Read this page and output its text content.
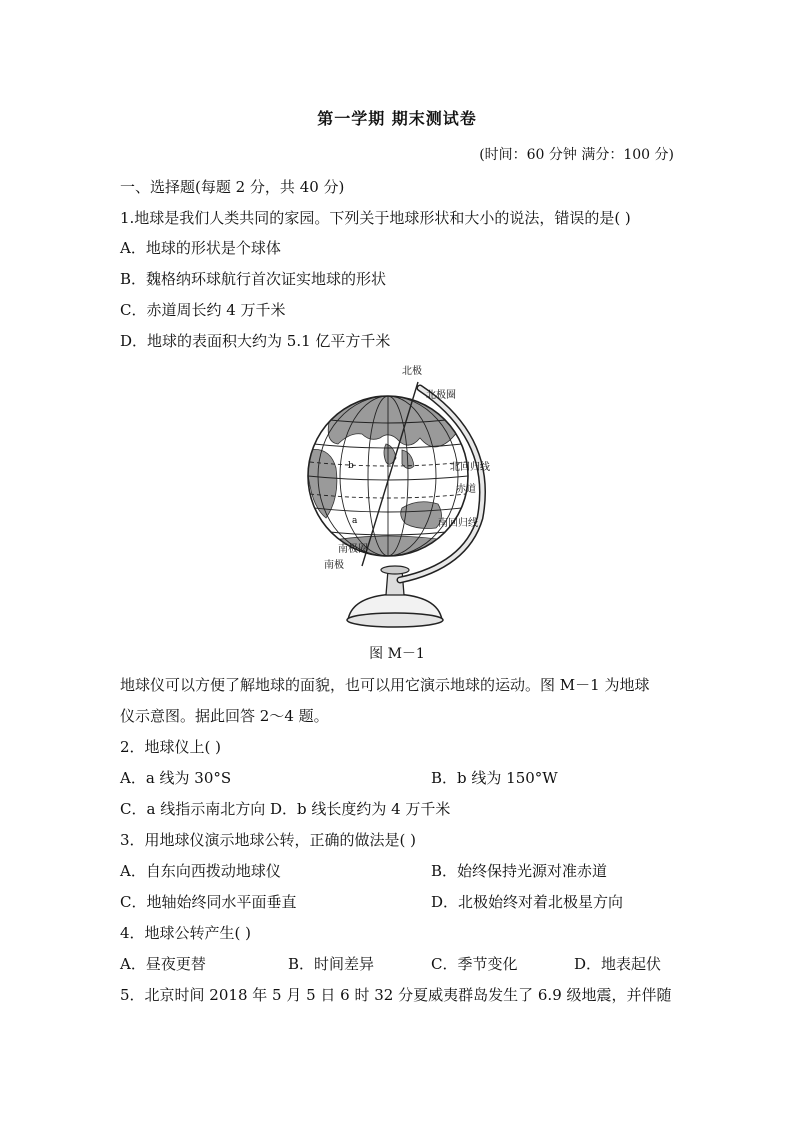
第一学期 期末测试卷
(时间：60 分钟 满分：100 分)
一、选择题(每题 2 分，共 40 分)
1.地球是我们人类共同的家园。下列关于地球形状和大小的说法，错误的是( )
A．地球的形状是个球体
B．魏格纳环球航行首次证实地球的形状
C．赤道周长约 4 万千米
D．地球的表面积大约为 5.1 亿平方千米
a
b
北极
北极圈
北回归线
赤道
南回归线
南极圈
南极
图 M－1
地球仪可以方便了解地球的面貌，也可以用它演示地球的运动。图 M－1 为地球
仪示意图。据此回答 2～4 题。
2．地球仪上( )
A．a 线为 30°S	B．b 线为 150°W
C．a 线指示南北方向 D．b 线长度约为 4 万千米
3．用地球仪演示地球公转，正确的做法是( )
A．自东向西拨动地球仪	B．始终保持光源对准赤道
C．地轴始终同水平面垂直	D．北极始终对着北极星方向
4．地球公转产生( )
A．昼夜更替	B．时间差异	C．季节变化	D．地表起伏
5．北京时间 2018 年 5 月 5 日 6 时 32 分夏威夷群岛发生了 6.9 级地震，并伴随
